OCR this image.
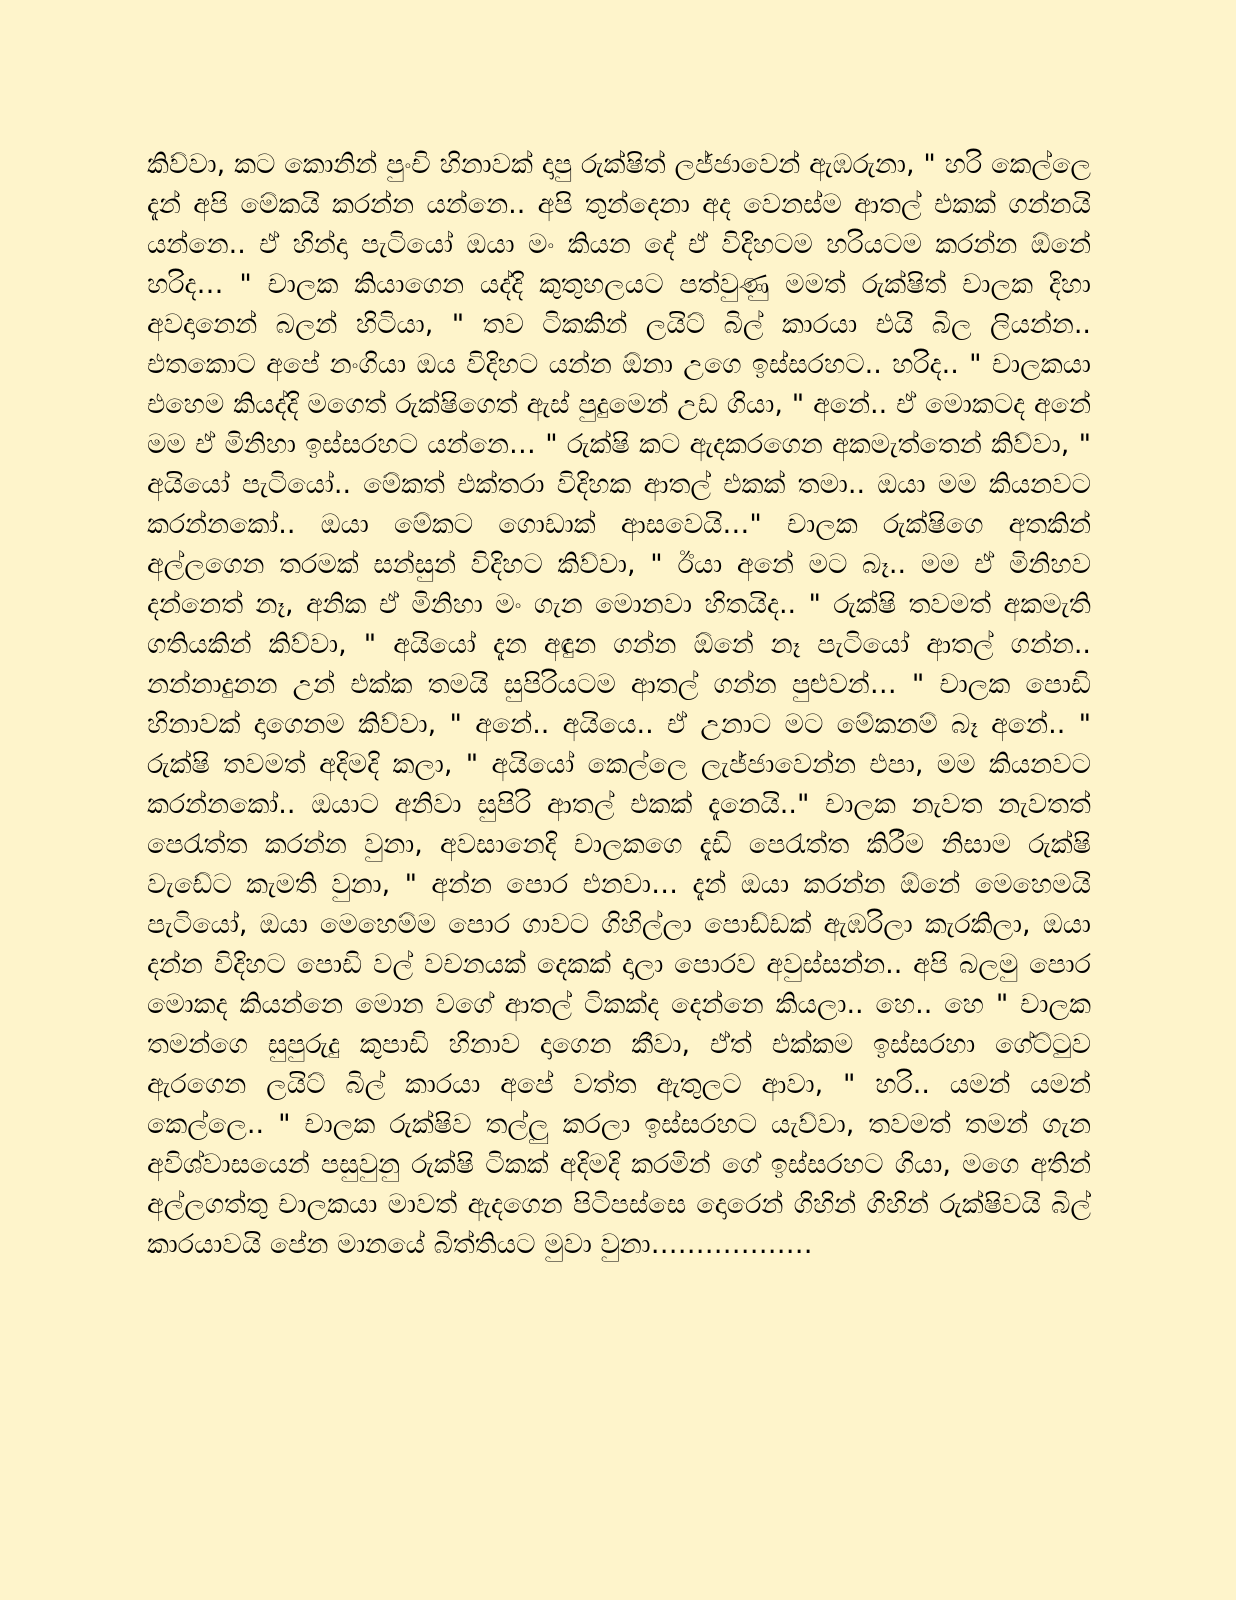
කිව්වා, කට කොනින් පුංචි හිනාවක් දාපු රුක්ෂිත් ලජ්ජාවෙන් ඇඹරුනා, " හරි කෙල්ලෙ දැන් අපි මේකයි කරන්න යන්නෙ.. අපි තුන්දෙනා අද වෙනස්ම ආතල් එකක් ගන්නයි යන්නෙ.. ඒ හින්දා පැටියෝ ඔයා මං කියන දේ ඒ විදිහටම හරියටම කරන්න ඕනේ හරිද… " චාලක කියාගෙන යද්දි කුතුහලයට පත්වුණු මමත් රුක්ෂිත් චාලක දිහා අවදානෙන් බලන් හිටියා, " තව ටිකකින් ලයිට් බිල් කාරයා එයි බිල ලියන්න.. එතකොට අපේ නංගියා ඔය විදිහට යන්න ඕනා උගෙ ඉස්සරහට.. හරිද.. " චාලකයා එහෙම කියද්දි මගෙත් රුක්ෂිගෙත් ඇස් පුදුමෙන් උඩ ගියා, " අනේ.. ඒ මොකටද අනේ මම ඒ මිනිහා ඉස්සරහට යන්නෙ… " රුක්ෂි කට ඇදකරගෙන අකමැත්තෙන් කිව්වා, " අයියෝ පැටියෝ.. මේකත් එක්තරා විදිහක ආතල් එකක් තමා.. ඔයා මම කියනවට කරන්නකෝ.. ඔයා මේකට ගොඩාක් ආසවෙයි…" චාලක රුක්ෂිගෙ අතකින් අල්ලගෙන තරමක් සන්සුන් විදිහට කිව්වා, " ඊයා අනේ මට බෑ.. මම ඒ මිනිහව දන්නෙත් නෑ, අනික ඒ මිනිහා මං ගැන මොනවා හිතයිද.. " රුක්ෂි තවමත් අකමැති ගතියකින් කිව්වා, " අයියෝ දැන අඳුන ගන්න ඕනේ නෑ පැටියෝ ආතල් ගන්න.. නන්නාදුනන උන් එක්ක තමයි සුපිරියටම ආතල් ගන්න පුළුවන්… " චාලක පොඩි හිනාවක් දාගෙනම කිව්වා, " අනේ.. අයියෙ.. ඒ උනාට මට මේකනම් බෑ අනේ.. " රුක්ෂි තවමත් අදිමදි කලා, " අයියෝ කෙල්ලෙ ලැජ්ජාවෙන්න එපා, මම කියනවට කරන්නකෝ.. ඔයාට අනිවා සුපිරි ආතල් එකක් දැනෙයි.." චාලක නැවත නැවතත් පෙරැත්ත කරන්න වුනා, අවසානෙදි චාලකගෙ දැඩි පෙරැත්ත කිරීම නිසාම රුක්ෂි වැඩේට කැමති වුනා, " අන්න පොර එනවා… දැන් ඔයා කරන්න ඕනේ මෙහෙමයි පැටියෝ, ඔයා මෙහෙම්ම පොර ගාවට ගිහිල්ලා පොඩ්ඩක් ඇඹරිලා කැරකිලා, ඔයා දන්න විදිහට පොඩි වල් වචනයක් දෙකක් දාලා පොරව අවුස්සන්න.. අපි බලමු පොර මොකද කියන්නෙ මොන වගේ ආතල් ටිකක්ද දෙන්නෙ කියලා.. හෙ.. හෙ " චාලක තමන්ගෙ සුපුරුදු කුපාඩි හිනාව දාගෙන කීවා, ඒත් එක්කම ඉස්සරහා ගේට්ටුව ඇරගෙන ලයිට් බිල් කාරයා අපේ වත්ත ඇතුලට ආවා, " හරි.. යමන් යමන් කෙල්ලෙ.. " චාලක රුක්ෂිව තල්ලු කරලා ඉස්සරහට යැව්වා, තවමත් තමන් ගැන අවිශ්වාසයෙන් පසුවුනු රුක්ෂි ටිකක් අදිමදි කරමින් ගේ ඉස්සරහට ගියා, මගෙ අතින් අල්ලගත්තු චාලකයා මාවත් ඇදගෙන පිටිපස්සෙ දොරෙන් ගිහින් ගිහින් රුක්ෂිවයි බිල් කාරයාවයි පේන මානයේ බිත්තියට මුවා වුනා………………
